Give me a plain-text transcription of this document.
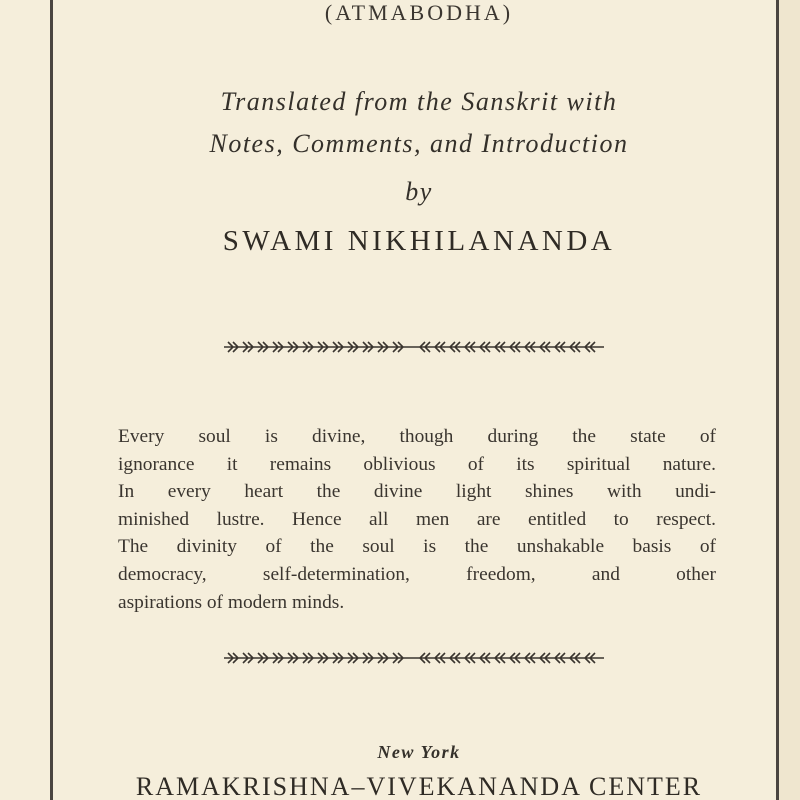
(ATMABODHA)
Translated from the Sanskrit with
Notes, Comments, and Introduction
by
SWAMI NIKHILANANDA
Every soul is divine, though during the state of
ignorance it remains oblivious of its spiritual nature.
In every heart the divine light shines with undi-
minished lustre. Hence all men are entitled to respect.
The divinity of the soul is the unshakable basis of
democracy, self-determination, freedom, and other
aspirations of modern minds.
New York
RAMAKRISHNA–VIVEKANANDA CENTER
